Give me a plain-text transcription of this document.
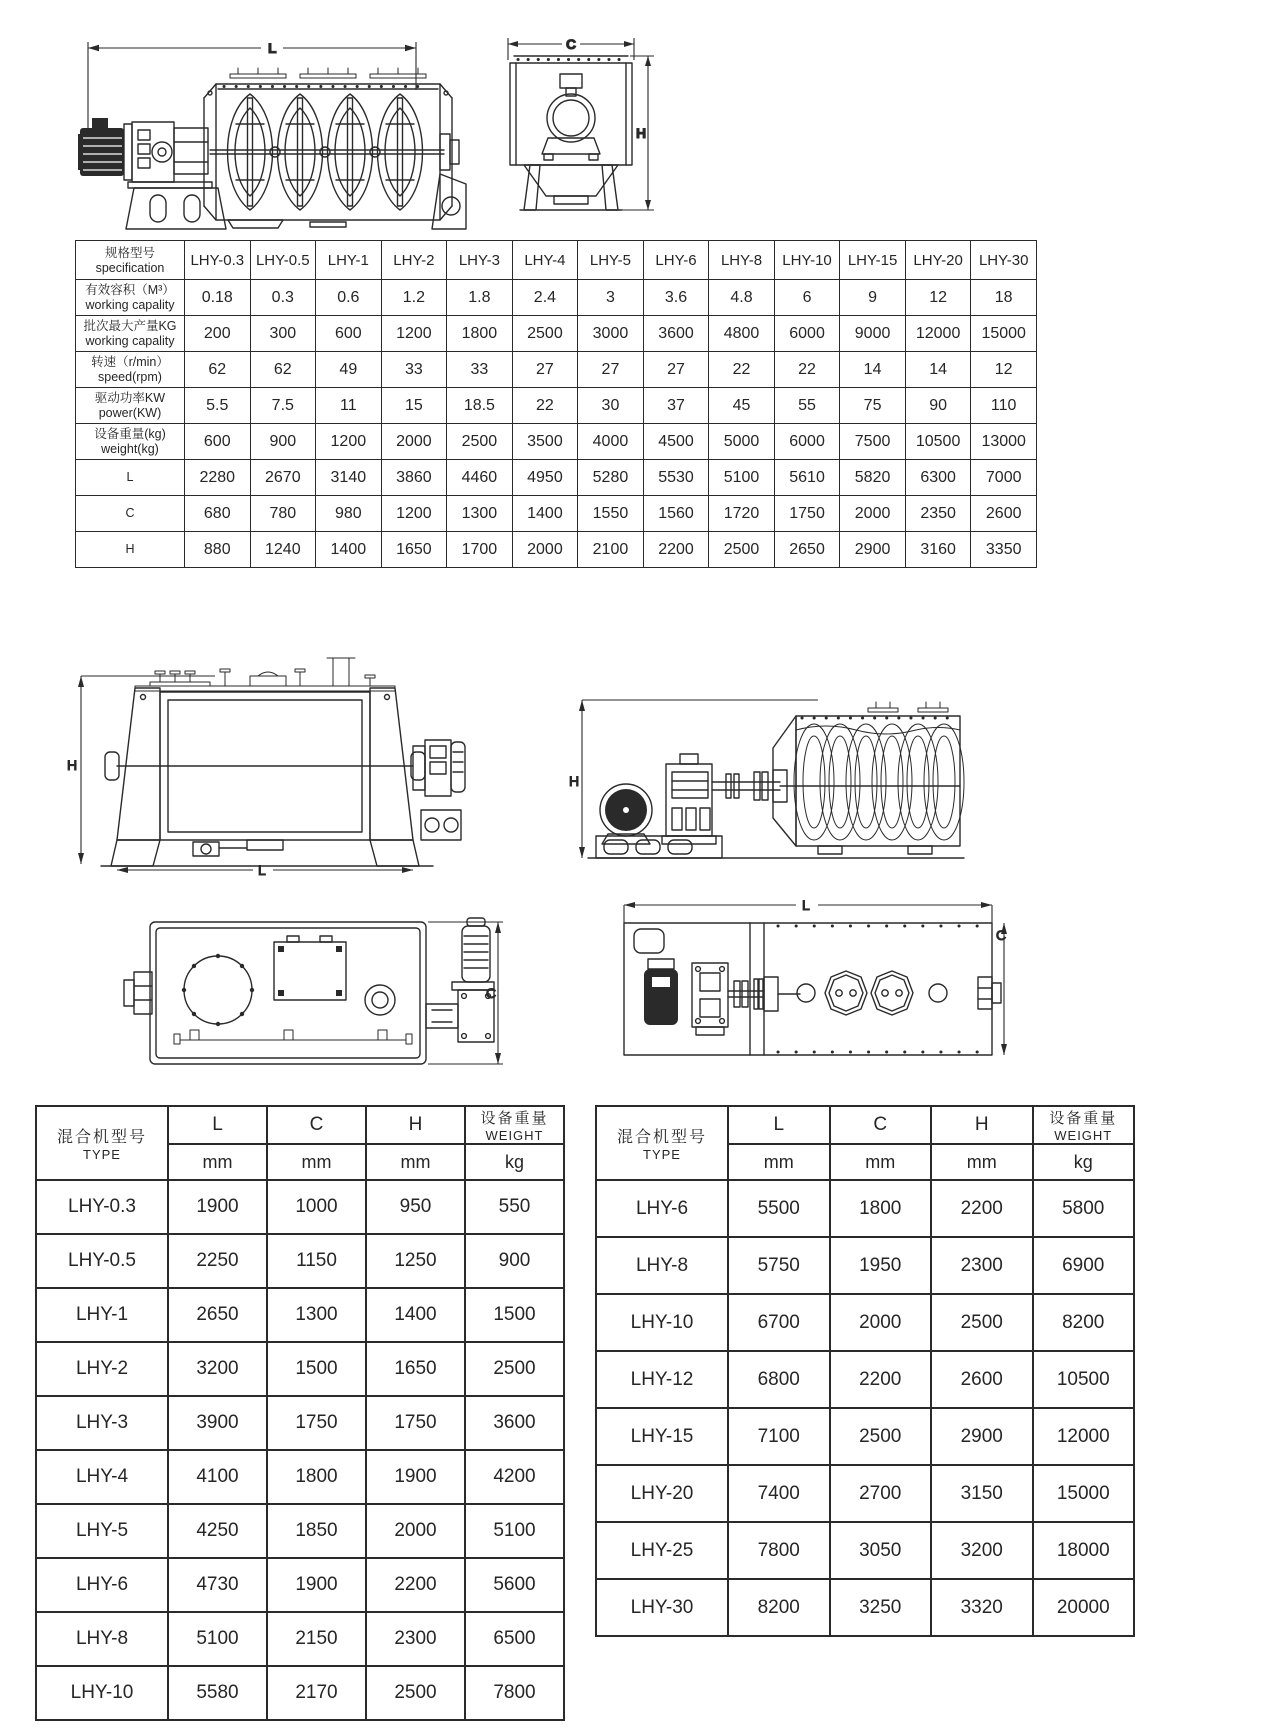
L	C
H
规格型号
specification	LHY-0.3	LHY-0.5	LHY-1	LHY-2	LHY-3	LHY-4	LHY-5	LHY-6	LHY-8	LHY-10	LHY-15	LHY-20	LHY-30

有效容积（M³）
working capality	0.18	0.3	0.6	1.2	1.8	2.4	3	3.6	4.8	6	9	12	18

批次最大产量KG
working capality	200	300	600	1200	1800	2500	3000	3600	4800	6000	9000	12000	15000

转速（r/min）
speed(rpm)	62	62	49	33	33	27	27	27	22	22	14	14	12

驱动功率KW
power(KW)	5.5	7.5	11	15	18.5	22	30	37	45	55	75	90	110

设备重量(kg)
weight(kg)	600	900	1200	2000	2500	3500	4000	4500	5000	6000	7500	10500	13000

L	2280	2670	3140	3860	4460	4950	5280	5530	5100	5610	5820	6300	7000

C	680	780	980	1200	1300	1400	1550	1560	1720	1750	2000	2350	2600

H	880	1240	1400	1650	1700	2000	2100	2200	2500	2650	2900	3160	3350
H
L
H
C
L
C
混合机型号
TYPE
	L	C	H	设备重量
WEIGHT

	mm	mm	mm	kg
LHY-0.3	1900	1000	950	550
LHY-0.5	2250	1150	1250	900
LHY-1	2650	1300	1400	1500
LHY-2	3200	1500	1650	2500
LHY-3	3900	1750	1750	3600
LHY-4	4100	1800	1900	4200
LHY-5	4250	1850	2000	5100
LHY-6	4730	1900	2200	5600
LHY-8	5100	2150	2300	6500
LHY-10	5580	2170	2500	7800
混合机型号
TYPE
	L	C	H	设备重量
WEIGHT

	mm	mm	mm	kg
LHY-6	5500	1800	2200	5800
LHY-8	5750	1950	2300	6900
LHY-10	6700	2000	2500	8200
LHY-12	6800	2200	2600	10500
LHY-15	7100	2500	2900	12000
LHY-20	7400	2700	3150	15000
LHY-25	7800	3050	3200	18000
LHY-30	8200	3250	3320	20000
